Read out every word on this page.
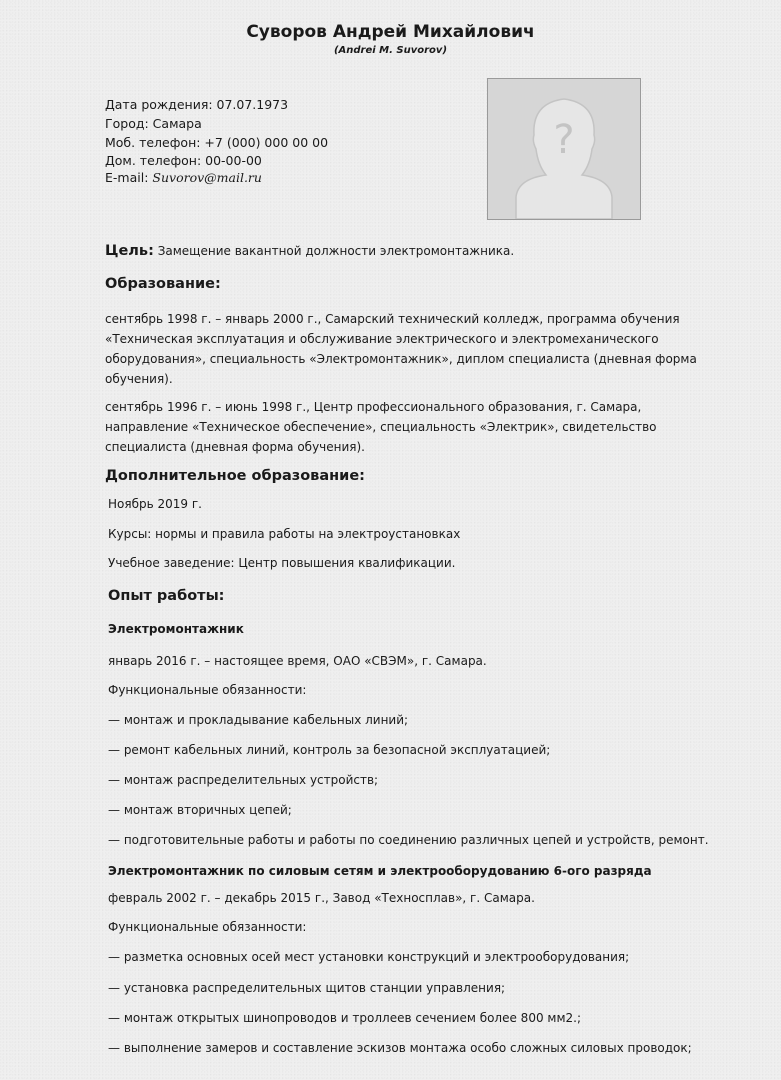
Суворов Андрей Михайлович
(Andrei M. Suvorov)
Дата рождения: 07.07.1973
Город: Самара
Моб. телефон: +7 (000) 000 00 00
Дом. телефон: 00-00-00
E-mail: Suvorov@mail.ru
?
Цель: Замещение вакантной должности электромонтажника.
Образование:
сентябрь 1998 г. – январь 2000 г., Самарский технический колледж, программа обучения «Техническая эксплуатация и обслуживание электрического и электромеханического оборудования», специальность «Электромонтажник», диплом специалиста (дневная форма обучения).
сентябрь 1996 г. – июнь 1998 г., Центр профессионального образования, г. Самара, направление «Техническое обеспечение», специальность «Электрик», свидетельство специалиста (дневная форма обучения).
Дополнительное образование:
Ноябрь 2019 г.
Курсы: нормы и правила работы на электроустановках
Учебное заведение: Центр повышения квалификации.
Опыт работы:
Электромонтажник
январь 2016 г. – настоящее время, ОАО «СВЭМ», г. Самара.
Функциональные обязанности:
— монтаж и прокладывание кабельных линий;
— ремонт кабельных линий, контроль за безопасной эксплуатацией;
— монтаж распределительных устройств;
— монтаж вторичных цепей;
— подготовительные работы и работы по соединению различных цепей и устройств, ремонт.
Электромонтажник по силовым сетям и электрооборудованию 6-ого разряда
февраль 2002 г. – декабрь 2015 г., Завод «Техносплав», г. Самара.
Функциональные обязанности:
— разметка основных осей мест установки конструкций и электрооборудования;
— установка распределительных щитов станции управления;
— монтаж открытых шинопроводов и троллеев сечением более 800 мм2.;
— выполнение замеров и составление эскизов монтажа особо сложных силовых проводок;
